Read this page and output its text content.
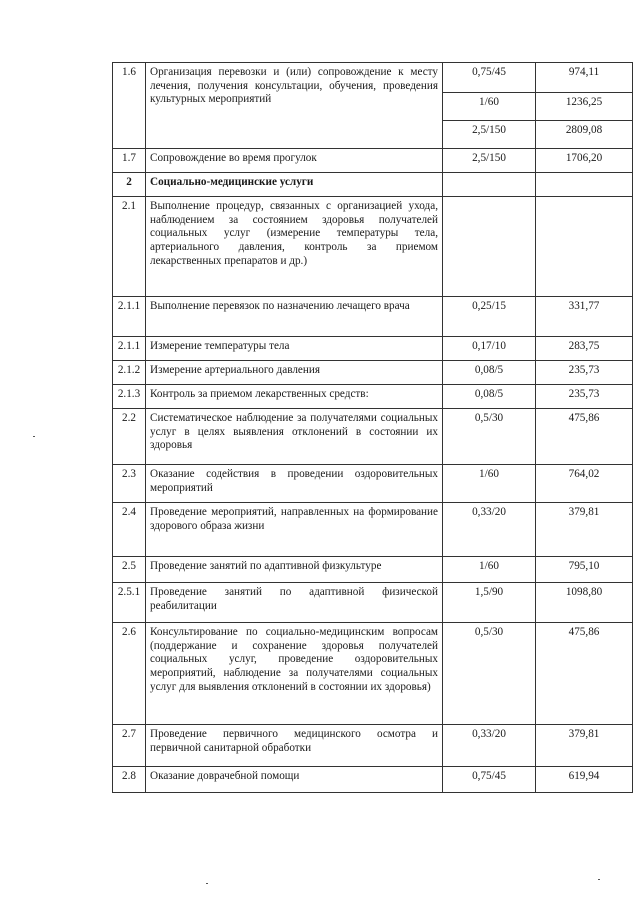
1.6	Организация перевозки и (или) сопровождение к месту лечения, получения консультации, обучения, проведения культурных мероприятий	0,75/45	974,11
		1/60	1236,25
		2,5/150	2809,08
1.7	Сопровождение во время прогулок	2,5/150	1706,20
2	Социально-медицинские услуги		
2.1	Выполнение процедур, связанных с организацией ухода, наблюдением за состоянием здоровья получателей социальных услуг (измерение температуры тела, артериального давления, контроль за приемом лекарственных препаратов и др.)		
2.1.1	Выполнение перевязок по назначению лечащего врача	0,25/15	331,77
2.1.1	Измерение температуры тела	0,17/10	283,75
2.1.2	Измерение артериального давления	0,08/5	235,73
2.1.3	Контроль за приемом лекарственных средств:	0,08/5	235,73
2.2	Систематическое наблюдение за получателями социальных услуг в целях выявления отклонений в состоянии их здоровья	0,5/30	475,86
2.3	Оказание содействия в проведении оздоровительных мероприятий	1/60	764,02
2.4	Проведение мероприятий, направленных на формирование здорового образа жизни	0,33/20	379,81
2.5	Проведение занятий по адаптивной физкультуре	1/60	795,10
2.5.1	Проведение занятий по адаптивной физической реабилитации	1,5/90	1098,80
2.6	Консультирование по социально-медицинским вопросам (поддержание и сохранение здоровья получателей социальных услуг, проведение оздоровительных мероприятий, наблюдение за получателями социальных услуг для выявления отклонений в состоянии их здоровья)	0,5/30	475,86
2.7	Проведение первичного медицинского осмотра и первичной санитарной обработки	0,33/20	379,81
2.8	Оказание доврачебной помощи	0,75/45	619,94
